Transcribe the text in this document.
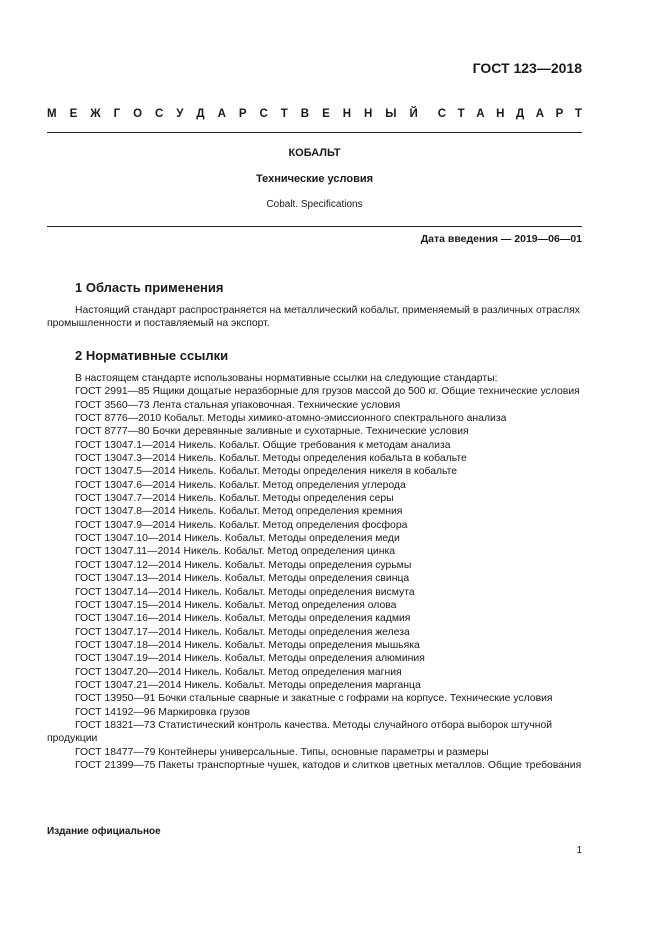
ГОСТ 123—2018
М Е Ж Г О С У Д А Р С Т В Е Н Н Ы Й С Т А Н Д А Р Т
КОБАЛЬТ
Технические условия
Cobalt. Specifications
Дата введения — 2019—06—01
1 Область применения
Настоящий стандарт распространяется на металлический кобальт, применяемый в различных отраслях промышленности и поставляемый на экспорт.
2 Нормативные ссылки
В настоящем стандарте использованы нормативные ссылки на следующие стандарты:
ГОСТ 2991—85 Ящики дощатые неразборные для грузов массой до 500 кг. Общие технические условия
ГОСТ 3560—73 Лента стальная упаковочная. Технические условия
ГОСТ 8776—2010 Кобальт. Методы химико-атомно-эмиссионного спектрального анализа
ГОСТ 8777—80 Бочки деревянные заливные и сухотарные. Технические условия
ГОСТ 13047.1—2014 Никель. Кобальт. Общие требования к методам анализа
ГОСТ 13047.3—2014 Никель. Кобальт. Методы определения кобальта в кобальте
ГОСТ 13047.5—2014 Никель. Кобальт. Методы определения никеля в кобальте
ГОСТ 13047.6—2014 Никель. Кобальт. Метод определения углерода
ГОСТ 13047.7—2014 Никель. Кобальт. Методы определения серы
ГОСТ 13047.8—2014 Никель. Кобальт. Метод определения кремния
ГОСТ 13047.9—2014 Никель. Кобальт. Метод определения фосфора
ГОСТ 13047.10—2014 Никель. Кобальт. Методы определения меди
ГОСТ 13047.11—2014 Никель. Кобальт. Метод определения цинка
ГОСТ 13047.12—2014 Никель. Кобальт. Методы определения сурьмы
ГОСТ 13047.13—2014 Никель. Кобальт. Методы определения свинца
ГОСТ 13047.14—2014 Никель. Кобальт. Методы определения висмута
ГОСТ 13047.15—2014 Никель. Кобальт. Метод определения олова
ГОСТ 13047.16—2014 Никель. Кобальт. Методы определения кадмия
ГОСТ 13047.17—2014 Никель. Кобальт. Методы определения железа
ГОСТ 13047.18—2014 Никель. Кобальт. Методы определения мышьяка
ГОСТ 13047.19—2014 Никель. Кобальт. Методы определения алюминия
ГОСТ 13047.20—2014 Никель. Кобальт. Метод определения магния
ГОСТ 13047.21—2014 Никель. Кобальт. Методы определения марганца
ГОСТ 13950—91 Бочки стальные сварные и закатные с гофрами на корпусе. Технические условия
ГОСТ 14192—96 Маркировка грузов
ГОСТ 18321—73 Статистический контроль качества. Методы случайного отбора выборок штучной продукции
ГОСТ 18477—79 Контейнеры универсальные. Типы, основные параметры и размеры
ГОСТ 21399—75 Пакеты транспортные чушек, катодов и слитков цветных металлов. Общие требования
Издание официальное
1
